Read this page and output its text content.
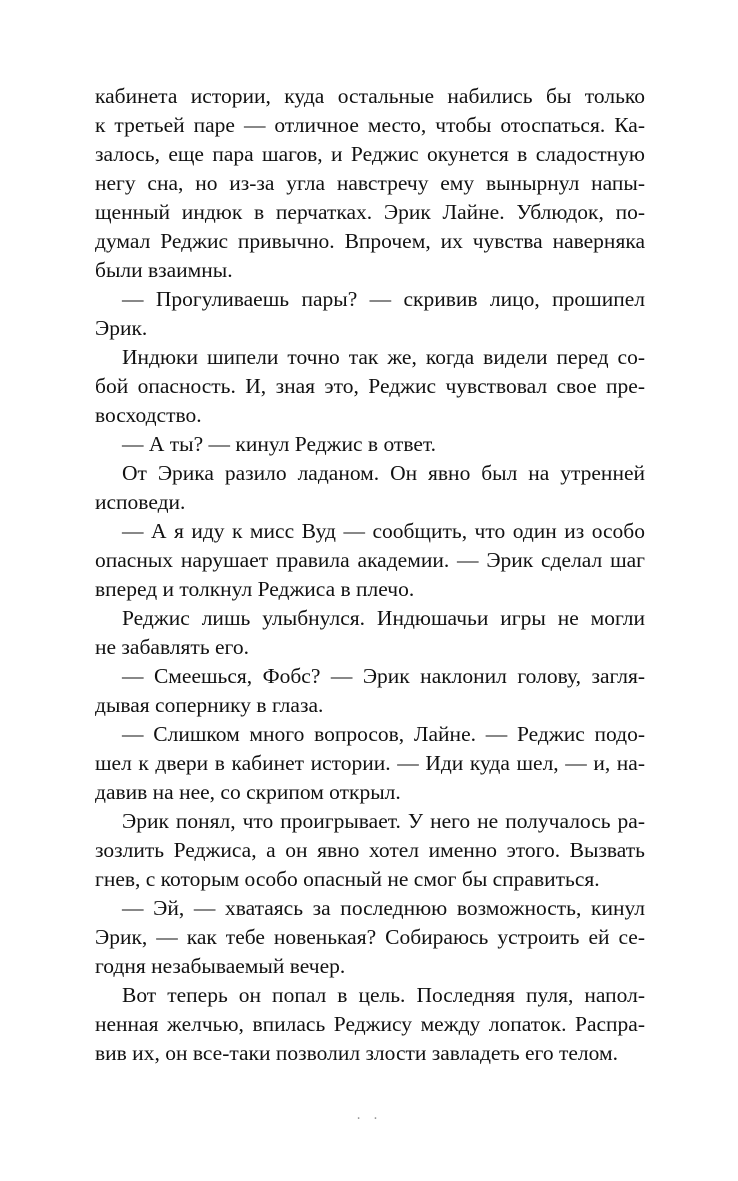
кабинета истории, куда остальные набились бы только
к третьей паре — отличное место, чтобы отоспаться. Ка-
залось, еще пара шагов, и Реджис окунется в сладостную
негу сна, но из-за угла навстречу ему вынырнул напы-
щенный индюк в перчатках. Эрик Лайне. Ублюдок, по-
думал Реджис привычно. Впрочем, их чувства наверняка
были взаимны.
— Прогуливаешь пары? — скривив лицо, прошипел
Эрик.
Индюки шипели точно так же, когда видели перед со-
бой опасность. И, зная это, Реджис чувствовал свое пре-
восходство.
— А ты? — кинул Реджис в ответ.
От Эрика разило ладаном. Он явно был на утренней
исповеди.
— А я иду к мисс Вуд — сообщить, что один из особо
опасных нарушает правила академии. — Эрик сделал шаг
вперед и толкнул Реджиса в плечо.
Реджис лишь улыбнулся. Индюшачьи игры не могли
не забавлять его.
— Смеешься, Фобс? — Эрик наклонил голову, загля-
дывая сопернику в глаза.
— Слишком много вопросов, Лайне. — Реджис подо-
шел к двери в кабинет истории. — Иди куда шел, — и, на-
давив на нее, со скрипом открыл.
Эрик понял, что проигрывает. У него не получалось ра-
зозлить Реджиса, а он явно хотел именно этого. Вызвать
гнев, с которым особо опасный не смог бы справиться.
— Эй, — хватаясь за последнюю возможность, кинул
Эрик, — как тебе новенькая? Собираюсь устроить ей се-
годня незабываемый вечер.
Вот теперь он попал в цель. Последняя пуля, напол-
ненная желчью, впилась Реджису между лопаток. Распра-
вив их, он все-таки позволил злости завладеть его телом.
· ·
